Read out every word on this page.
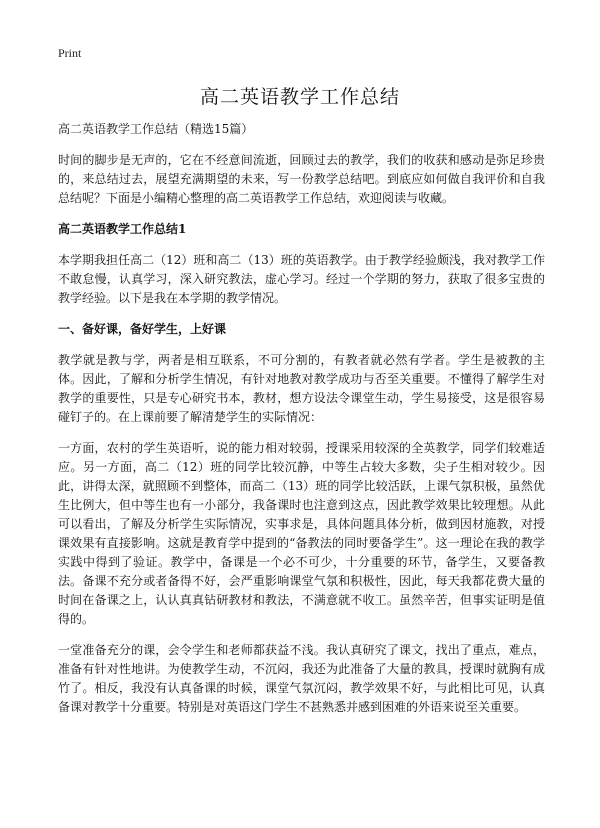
Print
高二英语教学工作总结

高二英语教学工作总结（精选15篇）

时间的脚步是无声的，它在不经意间流逝，回顾过去的教学，我们的收获和感动是弥足珍贵的，来总结过去，展望充满期望的未来，写一份教学总结吧。到底应如何做自我评价和自我总结呢？下面是小编精心整理的高二英语教学工作总结，欢迎阅读与收藏。

高二英语教学工作总结1

本学期我担任高二（12）班和高二（13）班的英语教学。由于教学经验颇浅，我对教学工作不敢怠慢，认真学习，深入研究教法，虚心学习。经过一个学期的努力，获取了很多宝贵的教学经验。以下是我在本学期的教学情况。

一、备好课，备好学生，上好课

教学就是教与学，两者是相互联系，不可分割的，有教者就必然有学者。学生是被教的主体。因此，了解和分析学生情况，有针对地教对教学成功与否至关重要。不懂得了解学生对教学的重要性，只是专心研究书本，教材，想方设法令课堂生动，学生易接受，这是很容易碰钉子的。在上课前要了解清楚学生的实际情况：

一方面，农村的学生英语听，说的能力相对较弱，授课采用较深的全英教学，同学们较难适应。另一方面，高二（12）班的同学比较沉静，中等生占较大多数，尖子生相对较少。因此，讲得太深，就照顾不到整体，而高二（13）班的同学比较活跃，上课气氛积极，虽然优生比例大，但中等生也有一小部分，我备课时也注意到这点，因此教学效果比较理想。从此可以看出，了解及分析学生实际情况，实事求是，具体问题具体分析，做到因材施教，对授课效果有直接影响。这就是教育学中提到的“备教法的同时要备学生”。这一理论在我的教学实践中得到了验证。教学中，备课是一个必不可少，十分重要的环节，备学生，又要备教法。备课不充分或者备得不好，会严重影响课堂气氛和积极性，因此，每天我都花费大量的时间在备课之上，认认真真钻研教材和教法，不满意就不收工。虽然辛苦，但事实证明是值得的。

一堂准备充分的课，会令学生和老师都获益不浅。我认真研究了课文，找出了重点，难点，准备有针对性地讲。为使教学生动，不沉闷，我还为此准备了大量的教具，授课时就胸有成竹了。相反，我没有认真备课的时候，课堂气氛沉闷，教学效果不好，与此相比可见，认真备课对教学十分重要。特别是对英语这门学生不甚熟悉并感到困难的外语来说至关重要。
